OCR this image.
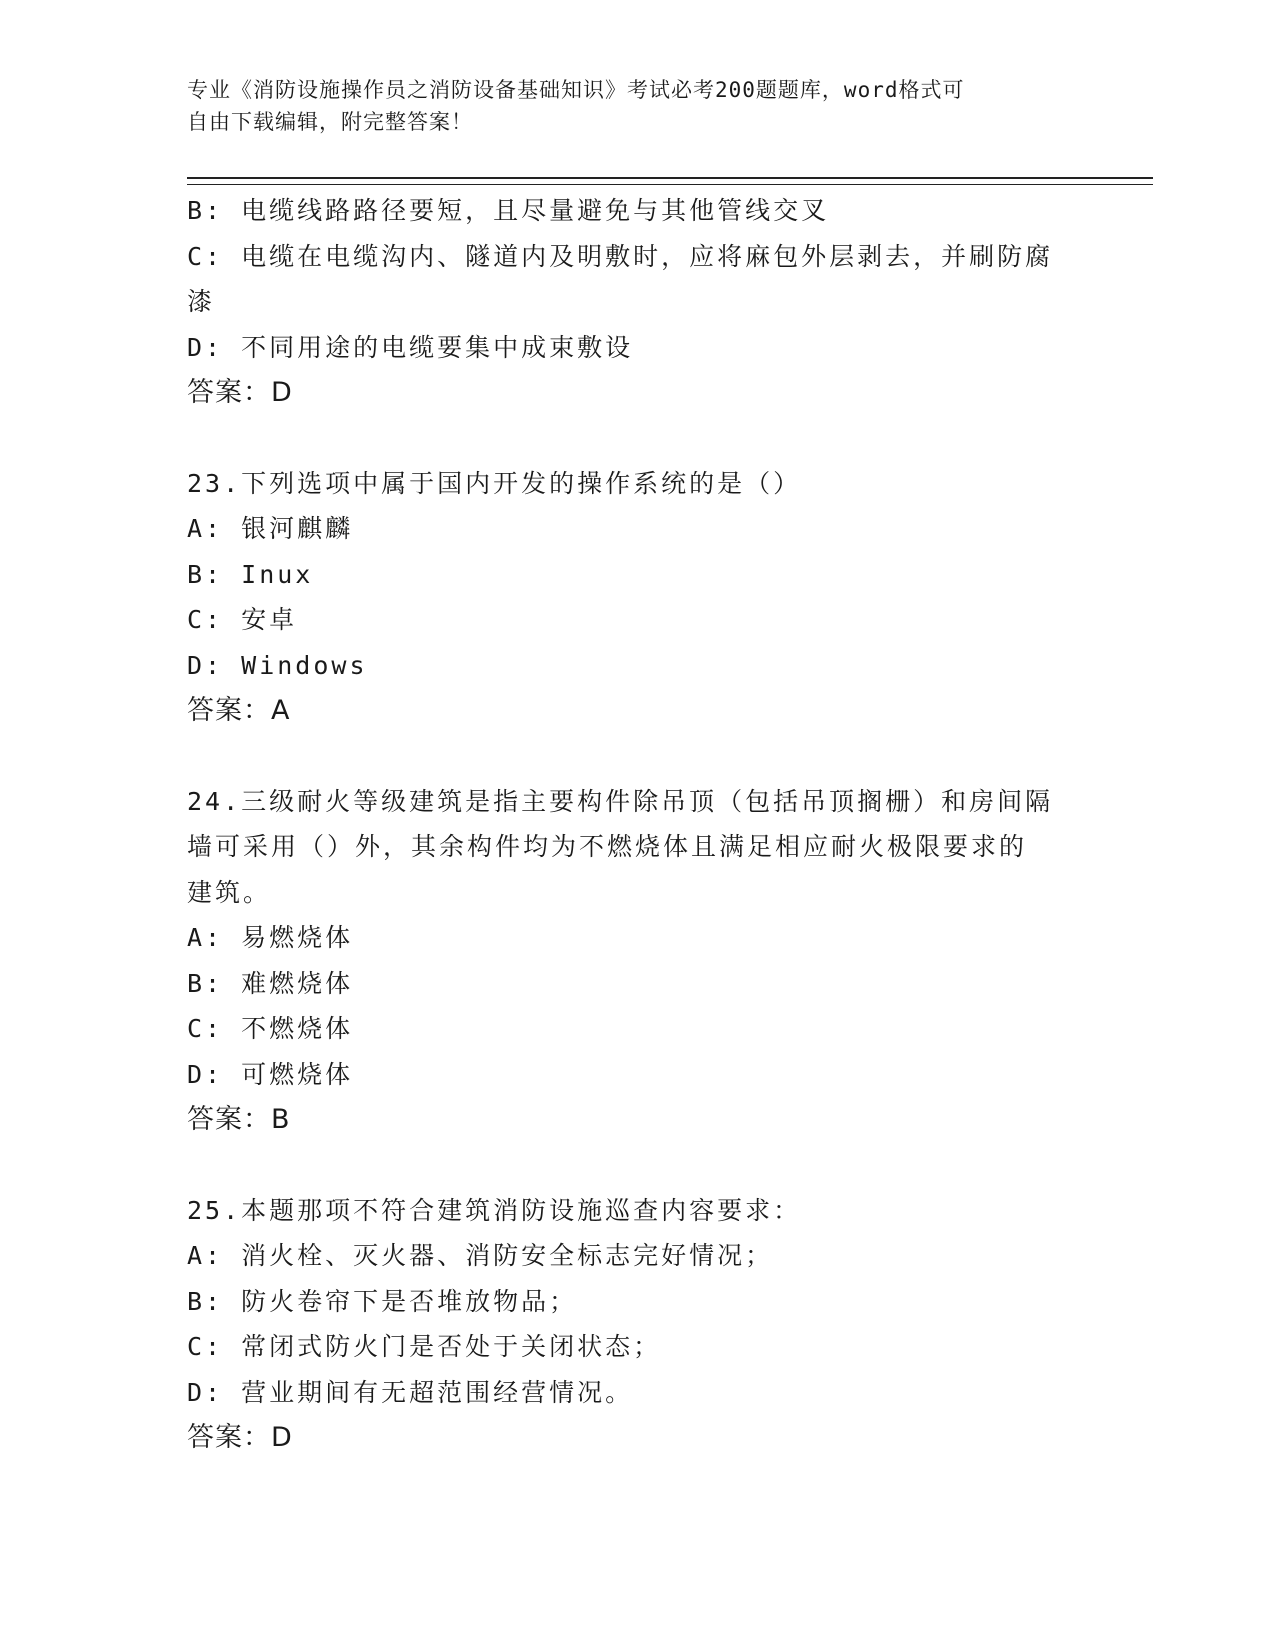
专业《消防设施操作员之消防设备基础知识》考试必考200题题库，word格式可
自由下载编辑，附完整答案！
B: 电缆线路路径要短，且尽量避免与其他管线交叉
C: 电缆在电缆沟内、隧道内及明敷时，应将麻包外层剥去，并刷防腐
漆
D: 不同用途的电缆要集中成束敷设
答案：D
23.下列选项中属于国内开发的操作系统的是（）
A: 银河麒麟
B: Inux
C: 安卓
D: Windows
答案：A
24.三级耐火等级建筑是指主要构件除吊顶（包括吊顶搁栅）和房间隔
墙可采用（）外，其余构件均为不燃烧体且满足相应耐火极限要求的
建筑。
A: 易燃烧体
B: 难燃烧体
C: 不燃烧体
D: 可燃烧体
答案：B
25.本题那项不符合建筑消防设施巡查内容要求：
A: 消火栓、灭火器、消防安全标志完好情况；
B: 防火卷帘下是否堆放物品；
C: 常闭式防火门是否处于关闭状态；
D: 营业期间有无超范围经营情况。
答案：D
